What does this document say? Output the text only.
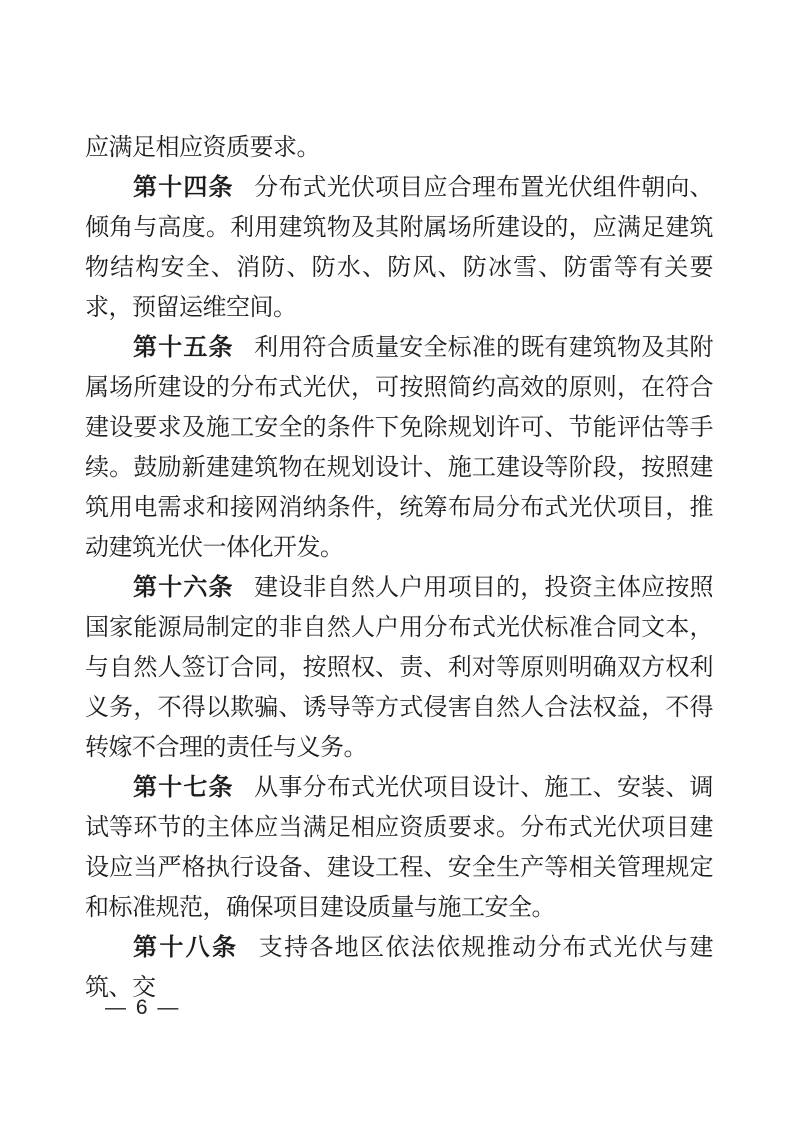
应满足相应资质要求。

第十四条 分布式光伏项目应合理布置光伏组件朝向、倾角与高度。利用建筑物及其附属场所建设的，应满足建筑物结构安全、消防、防水、防风、防冰雪、防雷等有关要求，预留运维空间。

第十五条 利用符合质量安全标准的既有建筑物及其附属场所建设的分布式光伏，可按照简约高效的原则，在符合建设要求及施工安全的条件下免除规划许可、节能评估等手续。鼓励新建建筑物在规划设计、施工建设等阶段，按照建筑用电需求和接网消纳条件，统筹布局分布式光伏项目，推动建筑光伏一体化开发。

第十六条 建设非自然人户用项目的，投资主体应按照国家能源局制定的非自然人户用分布式光伏标准合同文本，与自然人签订合同，按照权、责、利对等原则明确双方权利义务，不得以欺骗、诱导等方式侵害自然人合法权益，不得转嫁不合理的责任与义务。

第十七条 从事分布式光伏项目设计、施工、安装、调试等环节的主体应当满足相应资质要求。分布式光伏项目建设应当严格执行设备、建设工程、安全生产等相关管理规定和标准规范，确保项目建设质量与施工安全。

第十八条 支持各地区依法依规推动分布式光伏与建筑、交

— 6 —
